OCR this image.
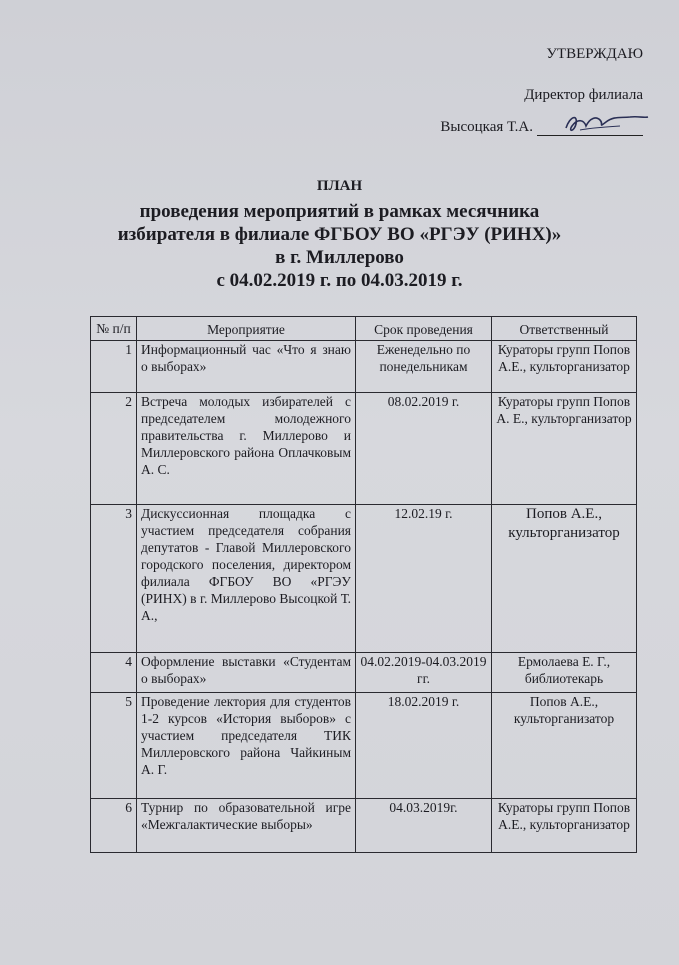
УТВЕРЖДАЮ
Директор филиала
Высоцкая Т.А.
ПЛАН
проведения мероприятий в рамках месячника
избирателя в филиале ФГБОУ ВО «РГЭУ (РИНХ)»
в г. Миллерово
с 04.02.2019 г. по 04.03.2019 г.
№ п/п	Мероприятие	Срок проведения	Ответственный
1	Информационный час «Что я знаю о выборах»	Еженедельно по понедельникам	Кураторы групп Попов А.Е., культорганизатор
2	Встреча молодых избирателей с председателем молодежного правительства г. Миллерово и Миллеровского района Оплачковым А. С.	08.02.2019 г.	Кураторы групп Попов А. Е., культорганизатор
3	Дискуссионная площадка с участием председателя собрания депутатов - Главой Миллеровского городского поселения, директором филиала ФГБОУ ВО «РГЭУ (РИНХ) в г. Миллерово Высоцкой Т. А.,	12.02.19 г.	Попов А.Е., культорганизатор
4	Оформление выставки «Студентам о выборах»	04.02.2019-04.03.2019 гг.	Ермолаева Е. Г., библиотекарь
5	Проведение лектория для студентов 1-2 курсов «История выборов» с участием председателя ТИК Миллеровского района Чайкиным А. Г.	18.02.2019 г.	Попов А.Е., культорганизатор
6	Турнир по образовательной игре «Межгалактические выборы»	04.03.2019г.	Кураторы групп Попов А.Е., культорганизатор
